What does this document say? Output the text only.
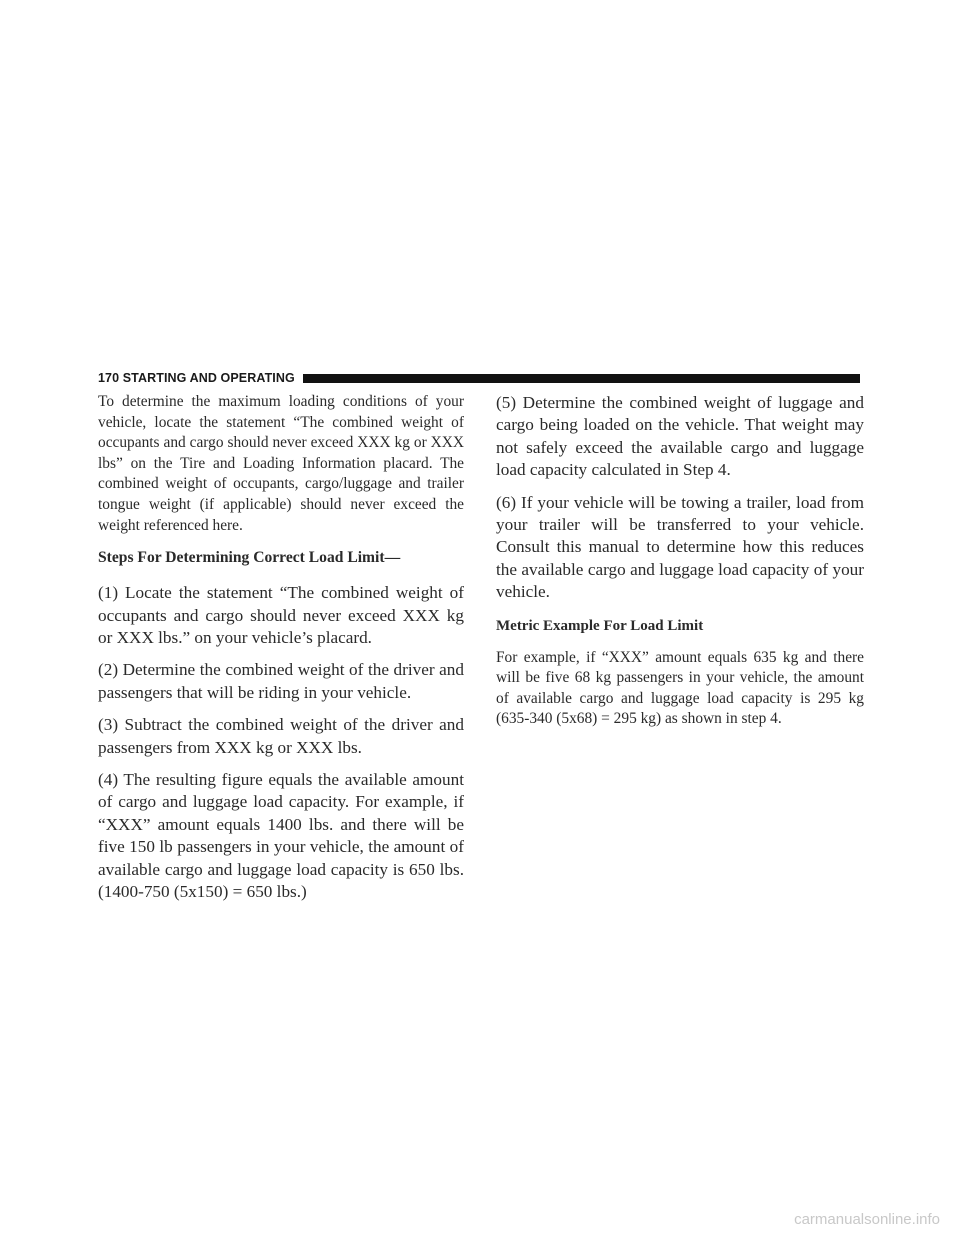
170 STARTING AND OPERATING

To determine the maximum loading conditions of your vehicle, locate the statement “The combined weight of occupants and cargo should never exceed XXX kg or XXX lbs” on the Tire and Loading Information placard. The combined weight of occupants, cargo/luggage and trailer tongue weight (if applicable) should never exceed the weight referenced here.

Steps For Determining Correct Load Limit—

(1) Locate the statement “The combined weight of occupants and cargo should never exceed XXX kg or XXX lbs.” on your vehicle’s placard.

(2) Determine the combined weight of the driver and passengers that will be riding in your vehicle.

(3) Subtract the combined weight of the driver and passengers from XXX kg or XXX lbs.

(4) The resulting figure equals the available amount of cargo and luggage load capacity. For example, if “XXX” amount equals 1400 lbs. and there will be five 150 lb passengers in your vehicle, the amount of available cargo and luggage load capacity is 650 lbs. (1400-750 (5x150) = 650 lbs.)

(5) Determine the combined weight of luggage and cargo being loaded on the vehicle. That weight may not safely exceed the available cargo and luggage load capacity calculated in Step 4.

(6) If your vehicle will be towing a trailer, load from your trailer will be transferred to your vehicle. Consult this manual to determine how this reduces the available cargo and luggage load capacity of your vehicle.

Metric Example For Load Limit

For example, if “XXX” amount equals 635 kg and there will be five 68 kg passengers in your vehicle, the amount of available cargo and luggage load capacity is 295 kg (635-340 (5x68) = 295 kg) as shown in step 4.

carmanualsonline.info
